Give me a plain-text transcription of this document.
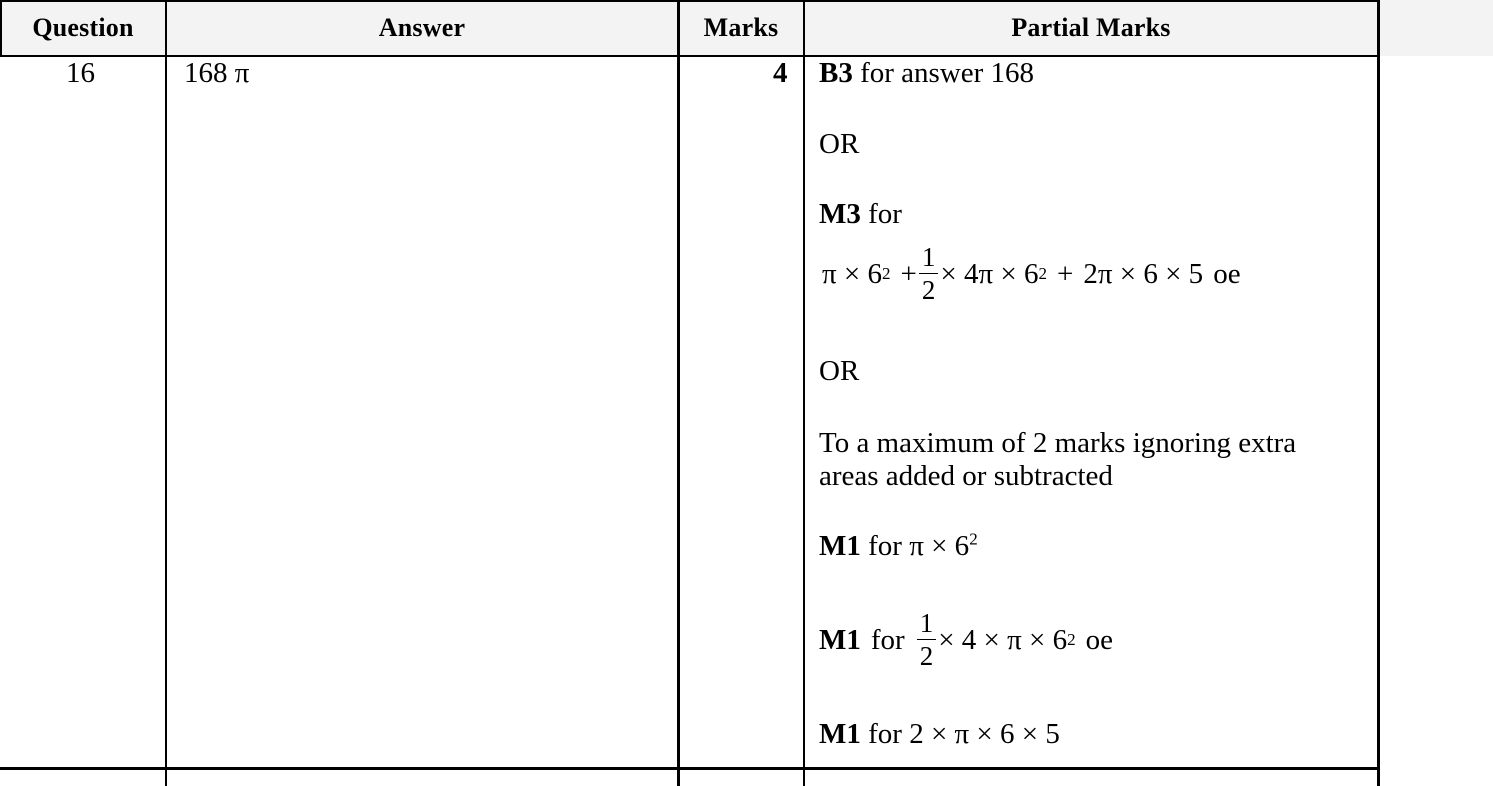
Question	Answer	Marks	Partial Marks
16	168 π	4 B3 for answer 168
OR
M3 for
π × 6 $2 + \frac{1}{2} \times 4\pi \times 6$ 2 + 2π × 6 × 5 oe
OR
To a maximum of 2 marks ignoring extra
areas added or subtracted
M1 for $\pi \times 6^2$
M1 for $\frac{1}{2} \times 4 \times \pi \times 6$ 2 oe
M1 for 2 × π × 6 × 5
